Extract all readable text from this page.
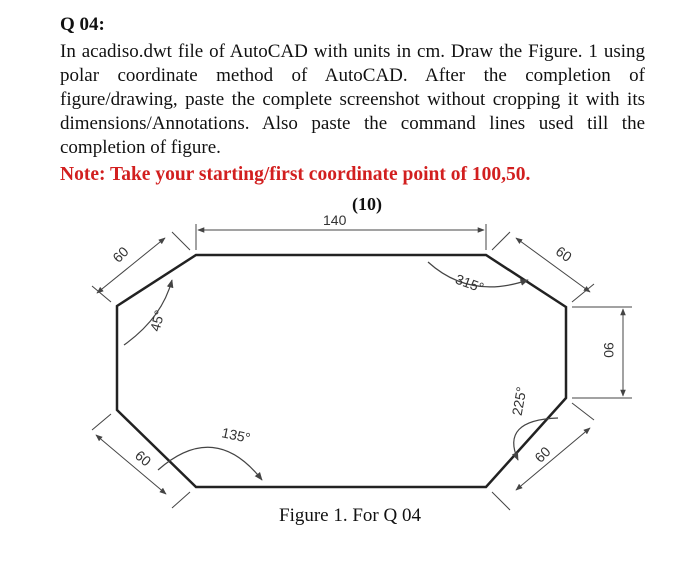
Q 04:
In acadiso.dwt file of AutoCAD with units in cm. Draw the Figure. 1 using polar coordinate method of AutoCAD. After the completion of figure/drawing, paste the complete screenshot without cropping it with its dimensions/Annotations. Also paste the command lines used till the completion of figure.
Note: Take your starting/first coordinate point of 100,50.
(10)
140
90
60	60
60	60
45°
315°
135°
225°
Figure 1. For Q 04
